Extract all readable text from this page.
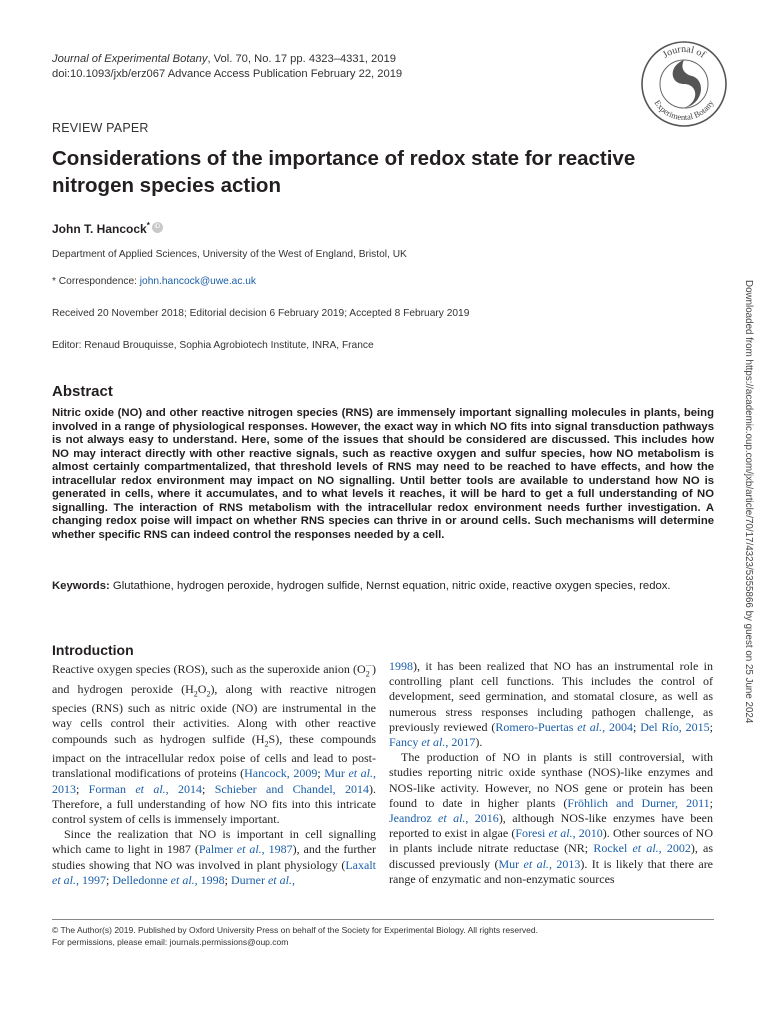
Journal of Experimental Botany, Vol. 70, No. 17 pp. 4323–4331, 2019
doi:10.1093/jxb/erz067 Advance Access Publication February 22, 2019
Journal of
Experimental Botany
REVIEW PAPER
Considerations of the importance of redox state for reactive nitrogen species action
John T. Hancock* iD
Department of Applied Sciences, University of the West of England, Bristol, UK
* Correspondence: john.hancock@uwe.ac.uk
Received 20 November 2018; Editorial decision 6 February 2019; Accepted 8 February 2019
Editor: Renaud Brouquisse, Sophia Agrobiotech Institute, INRA, France
Abstract
Nitric oxide (NO) and other reactive nitrogen species (RNS) are immensely important signalling molecules in plants, being involved in a range of physiological responses. However, the exact way in which NO fits into signal transduction pathways is not always easy to understand. Here, some of the issues that should be considered are discussed. This includes how NO may interact directly with other reactive signals, such as reactive oxygen and sulfur species, how NO metabolism is almost certainly compartmentalized, that threshold levels of RNS may need to be reached to have effects, and how the intracellular redox environment may impact on NO signalling. Until better tools are available to understand how NO is generated in cells, where it accumulates, and to what levels it reaches, it will be hard to get a full understanding of NO signalling. The interaction of RNS metabolism with the intracellular redox environment needs further investigation. A changing redox poise will impact on whether RNS species can thrive in or around cells. Such mechanisms will determine whether specific RNS can indeed control the responses needed by a cell.
Keywords: Glutathione, hydrogen peroxide, hydrogen sulfide, Nernst equation, nitric oxide, reactive oxygen species, redox.
Introduction

Reactive oxygen species (ROS), such as the superoxide anion $(O_2^{\cdot-})$ and hydrogen peroxide $(H_2O_2)$, along with reactive nitrogen species (RNS) such as nitric oxide (NO) are instrumental in the way cells control their activities. Along with other reactive compounds such as hydrogen sulfide $(H_2S)$, these compounds impact on the intracellular redox poise of cells and lead to post-translational modifications of proteins (Hancock, 2009; Mur et al., 2013; Forman et al., 2014; Schieber and Chandel, 2014). Therefore, a full understanding of how NO fits into this intricate control system of cells is immensely important.

Since the realization that NO is important in cell signalling which came to light in 1987 (Palmer et al., 1987), and the further studies showing that NO was involved in plant physiology (Laxalt et al., 1997; Delledonne et al., 1998; Durner et al.,

1998), it has been realized that NO has an instrumental role in controlling plant cell functions. This includes the control of development, seed germination, and stomatal closure, as well as numerous stress responses including pathogen challenge, as previously reviewed (Romero-Puertas et al., 2004; Del Río, 2015; Fancy et al., 2017).

The production of NO in plants is still controversial, with studies reporting nitric oxide synthase (NOS)-like enzymes and NOS-like activity. However, no NOS gene or protein has been found to date in higher plants (Fröhlich and Durner, 2011; Jeandroz et al., 2016), although NOS-like enzymes have been reported to exist in algae (Foresi et al., 2010). Other sources of NO in plants include nitrate reductase (NR; Rockel et al., 2002), as discussed previously (Mur et al., 2013). It is likely that there are range of enzymatic and non-enzymatic sources

© The Author(s) 2019. Published by Oxford University Press on behalf of the Society for Experimental Biology. All rights reserved.
For permissions, please email: journals.permissions@oup.com
Downloaded from https://academic.oup.com/jxb/article/70/17/4323/5355866 by guest on 25 June 2024
